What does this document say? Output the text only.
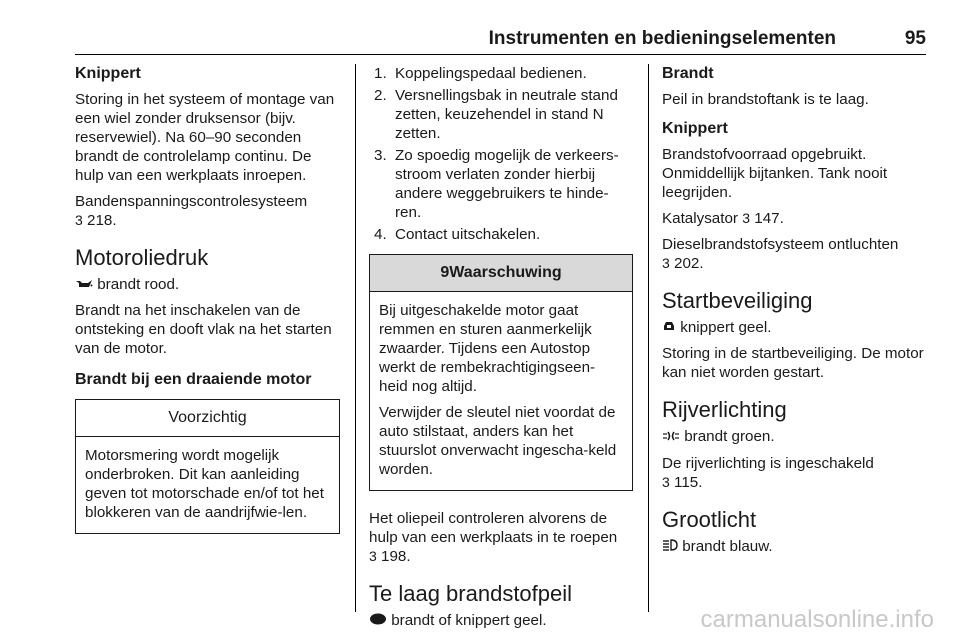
Instrumenten en bedieningselementen	95
Knippert

Storing in het systeem of montage van een wiel zonder druksensor (bijv. reservewiel). Na 60–90 seconden brandt de controlelamp continu. De hulp van een werkplaats inroepen.

Bandenspanningscontrolesysteem
3 218.

Motoroliedruk

brandt rood.

Brandt na het inschakelen van de ontsteking en dooft vlak na het starten van de motor.

Brandt bij een draaiende motor
Voorzichtig

Motorsmering wordt mogelijk onderbroken. Dit kan aanleiding geven tot motorschade en/of tot het blokkeren van de aandrijfwie-len.

1. Koppelingspedaal bedienen.
2. Versnellingsbak in neutrale stand zetten, keuzehendel in stand N zetten.
3. Zo spoedig mogelijk de verkeers-stroom verlaten zonder hierbij andere weggebruikers te hinde-ren.
4. Contact uitschakelen.
9Waarschuwing

Bij uitgeschakelde motor gaat remmen en sturen aanmerkelijk zwaarder. Tijdens een Autostop werkt de rembekrachtigingseen-heid nog altijd.

Verwijder de sleutel niet voordat de auto stilstaat, anders kan het stuurslot onverwacht ingescha-keld worden.

Het oliepeil controleren alvorens de hulp van een werkplaats in te roepen
3 198.

Te laag brandstofpeil

brandt of knippert geel.

Brandt

Peil in brandstoftank is te laag.

Knippert

Brandstofvoorraad opgebruikt. Onmiddellijk bijtanken. Tank nooit leegrijden.

Katalysator 3 147.

Dieselbrandstofsysteem ontluchten
3 202.

Startbeveiliging

knippert geel.

Storing in de startbeveiliging. De motor kan niet worden gestart.

Rijverlichting

brandt groen.

De rijverlichting is ingeschakeld
3 115.

Grootlicht

brandt blauw.

carmanualsonline.info
